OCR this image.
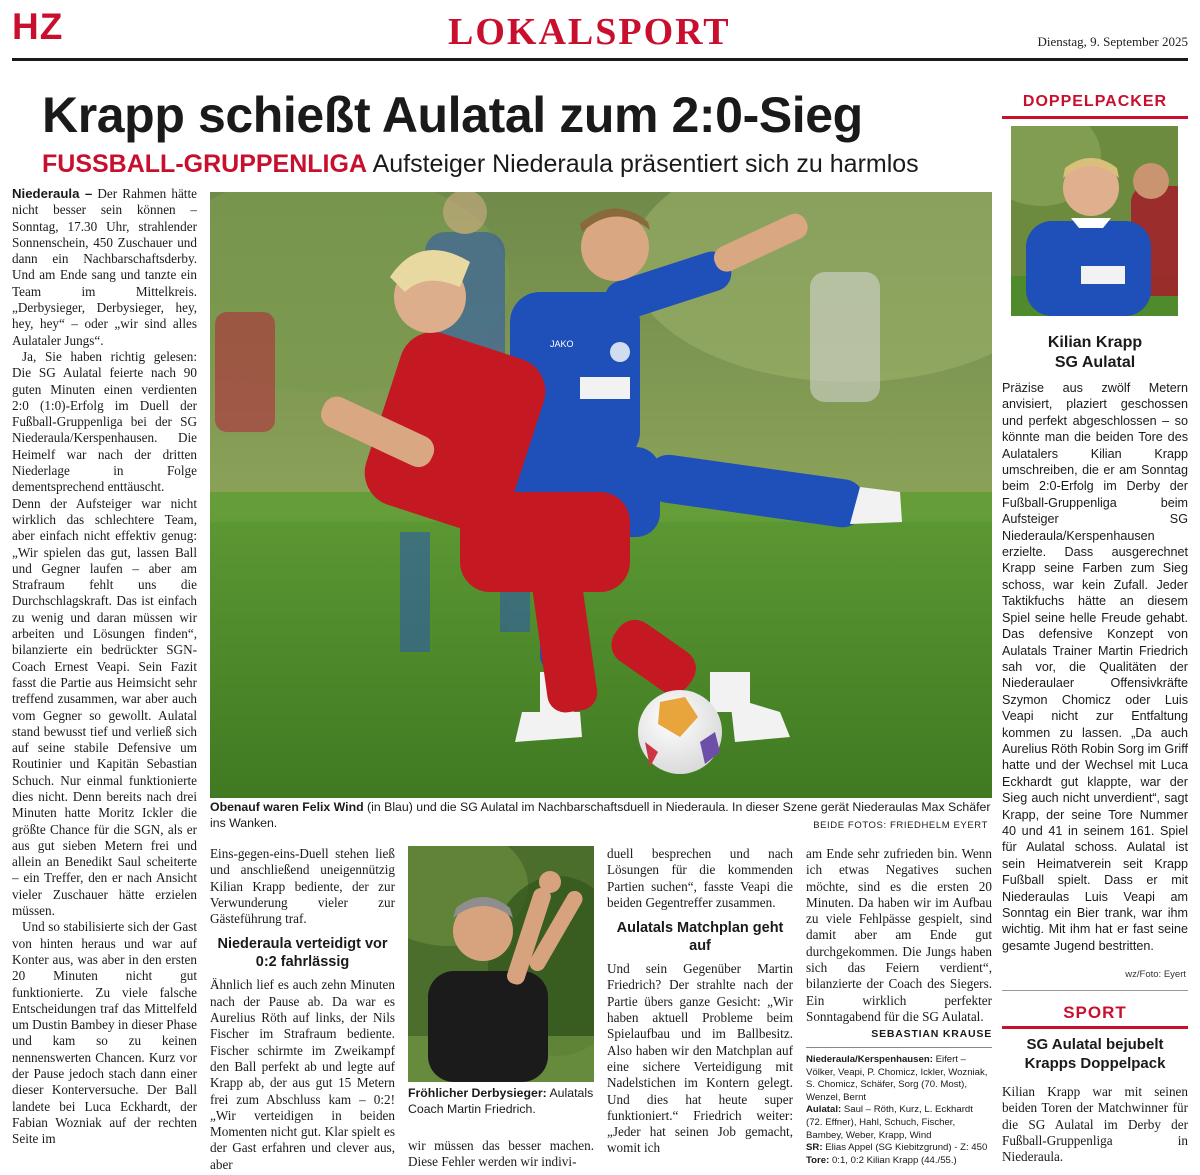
HZ	LOKALSPORT	Dienstag, 9. September 2025
Krapp schießt Aulatal zum 2:0-Sieg
FUSSBALL-GRUPPENLIGA Aufsteiger Niederaula präsentiert sich zu harmlos

Niederaula – Der Rahmen hätte nicht besser sein können – Sonntag, 17.30 Uhr, strahlender Sonnenschein, 450 Zuschauer und dann ein Nachbarschaftsderby. Und am Ende sang und tanzte ein Team im Mittelkreis. „Derbysieger, Derbysieger, hey, hey, hey“ – oder „wir sind alles Aulataler Jungs“.

Ja, Sie haben richtig gelesen: Die SG Aulatal feierte nach 90 guten Minuten einen verdienten 2:0 (1:0)-Erfolg im Duell der Fußball-Gruppenliga bei der SG Niederaula/Kerspenhausen. Die Heimelf war nach der dritten Niederlage in Folge dementsprechend enttäuscht.

Denn der Aufsteiger war nicht wirklich das schlechtere Team, aber einfach nicht effektiv genug: „Wir spielen das gut, lassen Ball und Gegner laufen – aber am Strafraum fehlt uns die Durchschlagskraft. Das ist einfach zu wenig und daran müssen wir arbeiten und Lösungen finden“, bilanzierte ein bedrückter SGN-Coach Ernest Veapi. Sein Fazit fasst die Partie aus Heimsicht sehr treffend zusammen, war aber auch vom Gegner so gewollt. Aulatal stand bewusst tief und verließ sich auf seine stabile Defensive um Routinier und Kapitän Sebastian Schuch. Nur einmal funktionierte dies nicht. Denn bereits nach drei Minuten hatte Moritz Ickler die größte Chance für die SGN, als er aus gut sieben Metern frei und allein an Benedikt Saul scheiterte – ein Treffer, den er nach Ansicht vieler Zuschauer hätte erzielen müssen.

Und so stabilisierte sich der Gast von hinten heraus und war auf Konter aus, was aber in den ersten 20 Minuten nicht gut funktionierte. Zu viele falsche Entscheidungen traf das Mittelfeld um Dustin Bambey in dieser Phase und kam so zu keinen nennenswerten Chancen. Kurz vor der Pause jedoch stach dann einer dieser Konterversuche. Der Ball landete bei Luca Eckhardt, der Fabian Wozniak auf der rechten Seite im

JAKO
Obenauf waren Felix Wind (in Blau) und die SG Aulatal im Nachbarschaftsduell in Niederaula. In dieser Szene gerät Niederaulas Max Schäfer ins Wanken.	BEIDE FOTOS: FRIEDHELM EYERT

Eins-gegen-eins-Duell stehen ließ und anschließend uneigennützig Kilian Krapp bediente, der zur Verwunderung vieler zur Gästeführung traf.

Niederaula verteidigt vor 0:2 fahrlässig

Ähnlich lief es auch zehn Minuten nach der Pause ab. Da war es Aurelius Röth auf links, der Nils Fischer im Strafraum bediente. Fischer schirmte im Zweikampf den Ball perfekt ab und legte auf Krapp ab, der aus gut 15 Metern frei zum Abschluss kam – 0:2! „Wir verteidigen in beiden Momenten nicht gut. Klar spielt es der Gast erfahren und clever aus, aber

Fröhlicher Derbysieger: Aulatals Coach Martin Friedrich.

wir müssen das besser machen. Diese Fehler werden wir indivi-

duell besprechen und nach Lösungen für die kommenden Partien suchen“, fasste Veapi die beiden Gegentreffer zusammen.

Aulatals Matchplan geht auf

Und sein Gegenüber Martin Friedrich? Der strahlte nach der Partie übers ganze Gesicht: „Wir haben aktuell Probleme beim Spielaufbau und im Ballbesitz. Also haben wir den Matchplan auf eine sichere Verteidigung mit Nadelstichen im Kontern gelegt. Und dies hat heute super funktioniert.“ Friedrich weiter: „Jeder hat seinen Job gemacht, womit ich

am Ende sehr zufrieden bin. Wenn ich etwas Negatives suchen möchte, sind es die ersten 20 Minuten. Da haben wir im Aufbau zu viele Fehlpässe gespielt, sind damit aber am Ende gut durchgekommen. Die Jungs haben sich das Feiern verdient“, bilanzierte der Coach des Siegers. Ein wirklich perfekter Sonntagabend für die SG Aulatal.

SEBASTIAN KRAUSE

Niederaula/Kerspenhausen: Eifert – Völker, Veapi, P. Chomicz, Ickler, Wozniak, S. Chomicz, Schäfer, Sorg (70. Most), Wenzel, Bernt

Aulatal: Saul – Röth, Kurz, L. Eckhardt (72. Effner), Hahl, Schuch, Fischer, Bambey, Weber, Krapp, Wind

SR: Elias Appel (SG Kiebitzgrund) - Z: 450

Tore: 0:1, 0:2 Kilian Krapp (44./55.)

DOPPELPACKER
Kilian Krapp
SG Aulatal
Präzise aus zwölf Metern anvisiert, plaziert geschossen und perfekt abgeschlossen – so könnte man die beiden Tore des Aulatalers Kilian Krapp umschreiben, die er am Sonntag beim 2:0-Erfolg im Derby der Fußball-Gruppenliga beim Aufsteiger SG Niederaula/Kerspenhausen erzielte. Dass ausgerechnet Krapp seine Farben zum Sieg schoss, war kein Zufall. Jeder Taktikfuchs hätte an diesem Spiel seine helle Freude gehabt. Das defensive Konzept von Aulatals Trainer Martin Friedrich sah vor, die Qualitäten der Niederaulaer Offensivkräfte Szymon Chomicz oder Luis Veapi nicht zur Entfaltung kommen zu lassen. „Da auch Aurelius Röth Robin Sorg im Griff hatte und der Wechsel mit Luca Eckhardt gut klappte, war der Sieg auch nicht unverdient“, sagt Krapp, der seine Tore Nummer 40 und 41 in seinem 161. Spiel für Aulatal schoss. Aulatal ist sein Heimatverein seit Krapp Fußball spielt. Dass er mit Niederaulas Luis Veapi am Sonntag ein Bier trank, war ihm wichtig. Mit ihm hat er fast seine gesamte Jugend bestritten.
wz/Foto: Eyert
SPORT
SG Aulatal bejubelt Krapps Doppelpack
Kilian Krapp war mit seinen beiden Toren der Matchwinner für die SG Aulatal im Derby der Fußball-Gruppenliga in Niederaula.
